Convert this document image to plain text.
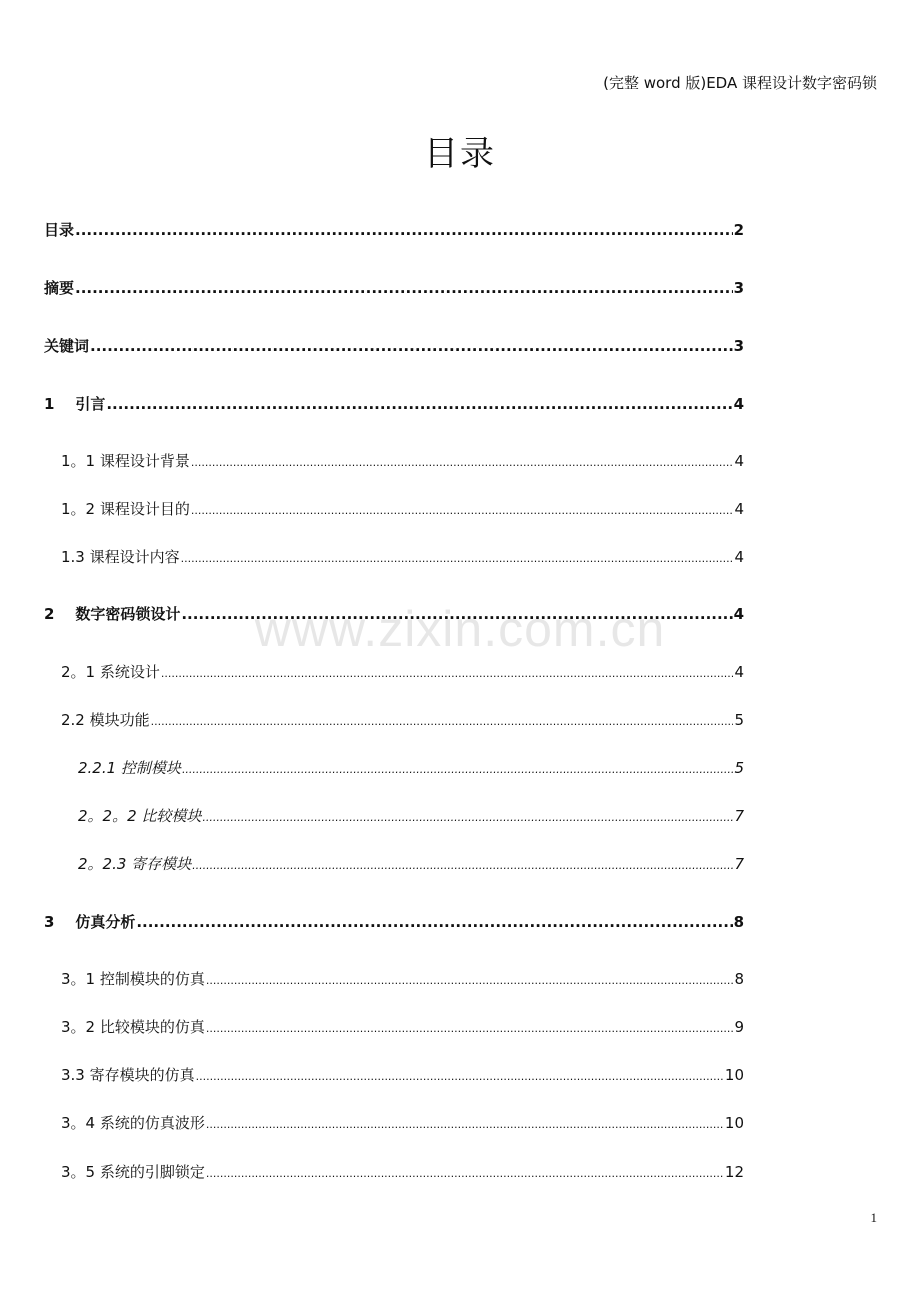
(完整 word 版)EDA 课程设计数字密码锁
目录
目录 .....	2
摘要 .....	3
关键词 .....	3
1    引言 .....	4
1。1 课程设计背景 .....	4
1。2 课程设计目的 .....	4
1.3 课程设计内容 .....	4
2    数字密码锁设计 .....	4
2。1 系统设计 .....	4
2.2 模块功能 .....	5
2.2.1 控制模块 .....	5
2。2。2 比较模块 .....	7
2。2.3 寄存模块 .....	7
3    仿真分析 .....	8
3。1 控制模块的仿真 .....	8
3。2 比较模块的仿真 .....	9
3.3 寄存模块的仿真 .....	10
3。4 系统的仿真波形 .....	10
3。5 系统的引脚锁定 .....	12
www.zixin.com.cn
1
